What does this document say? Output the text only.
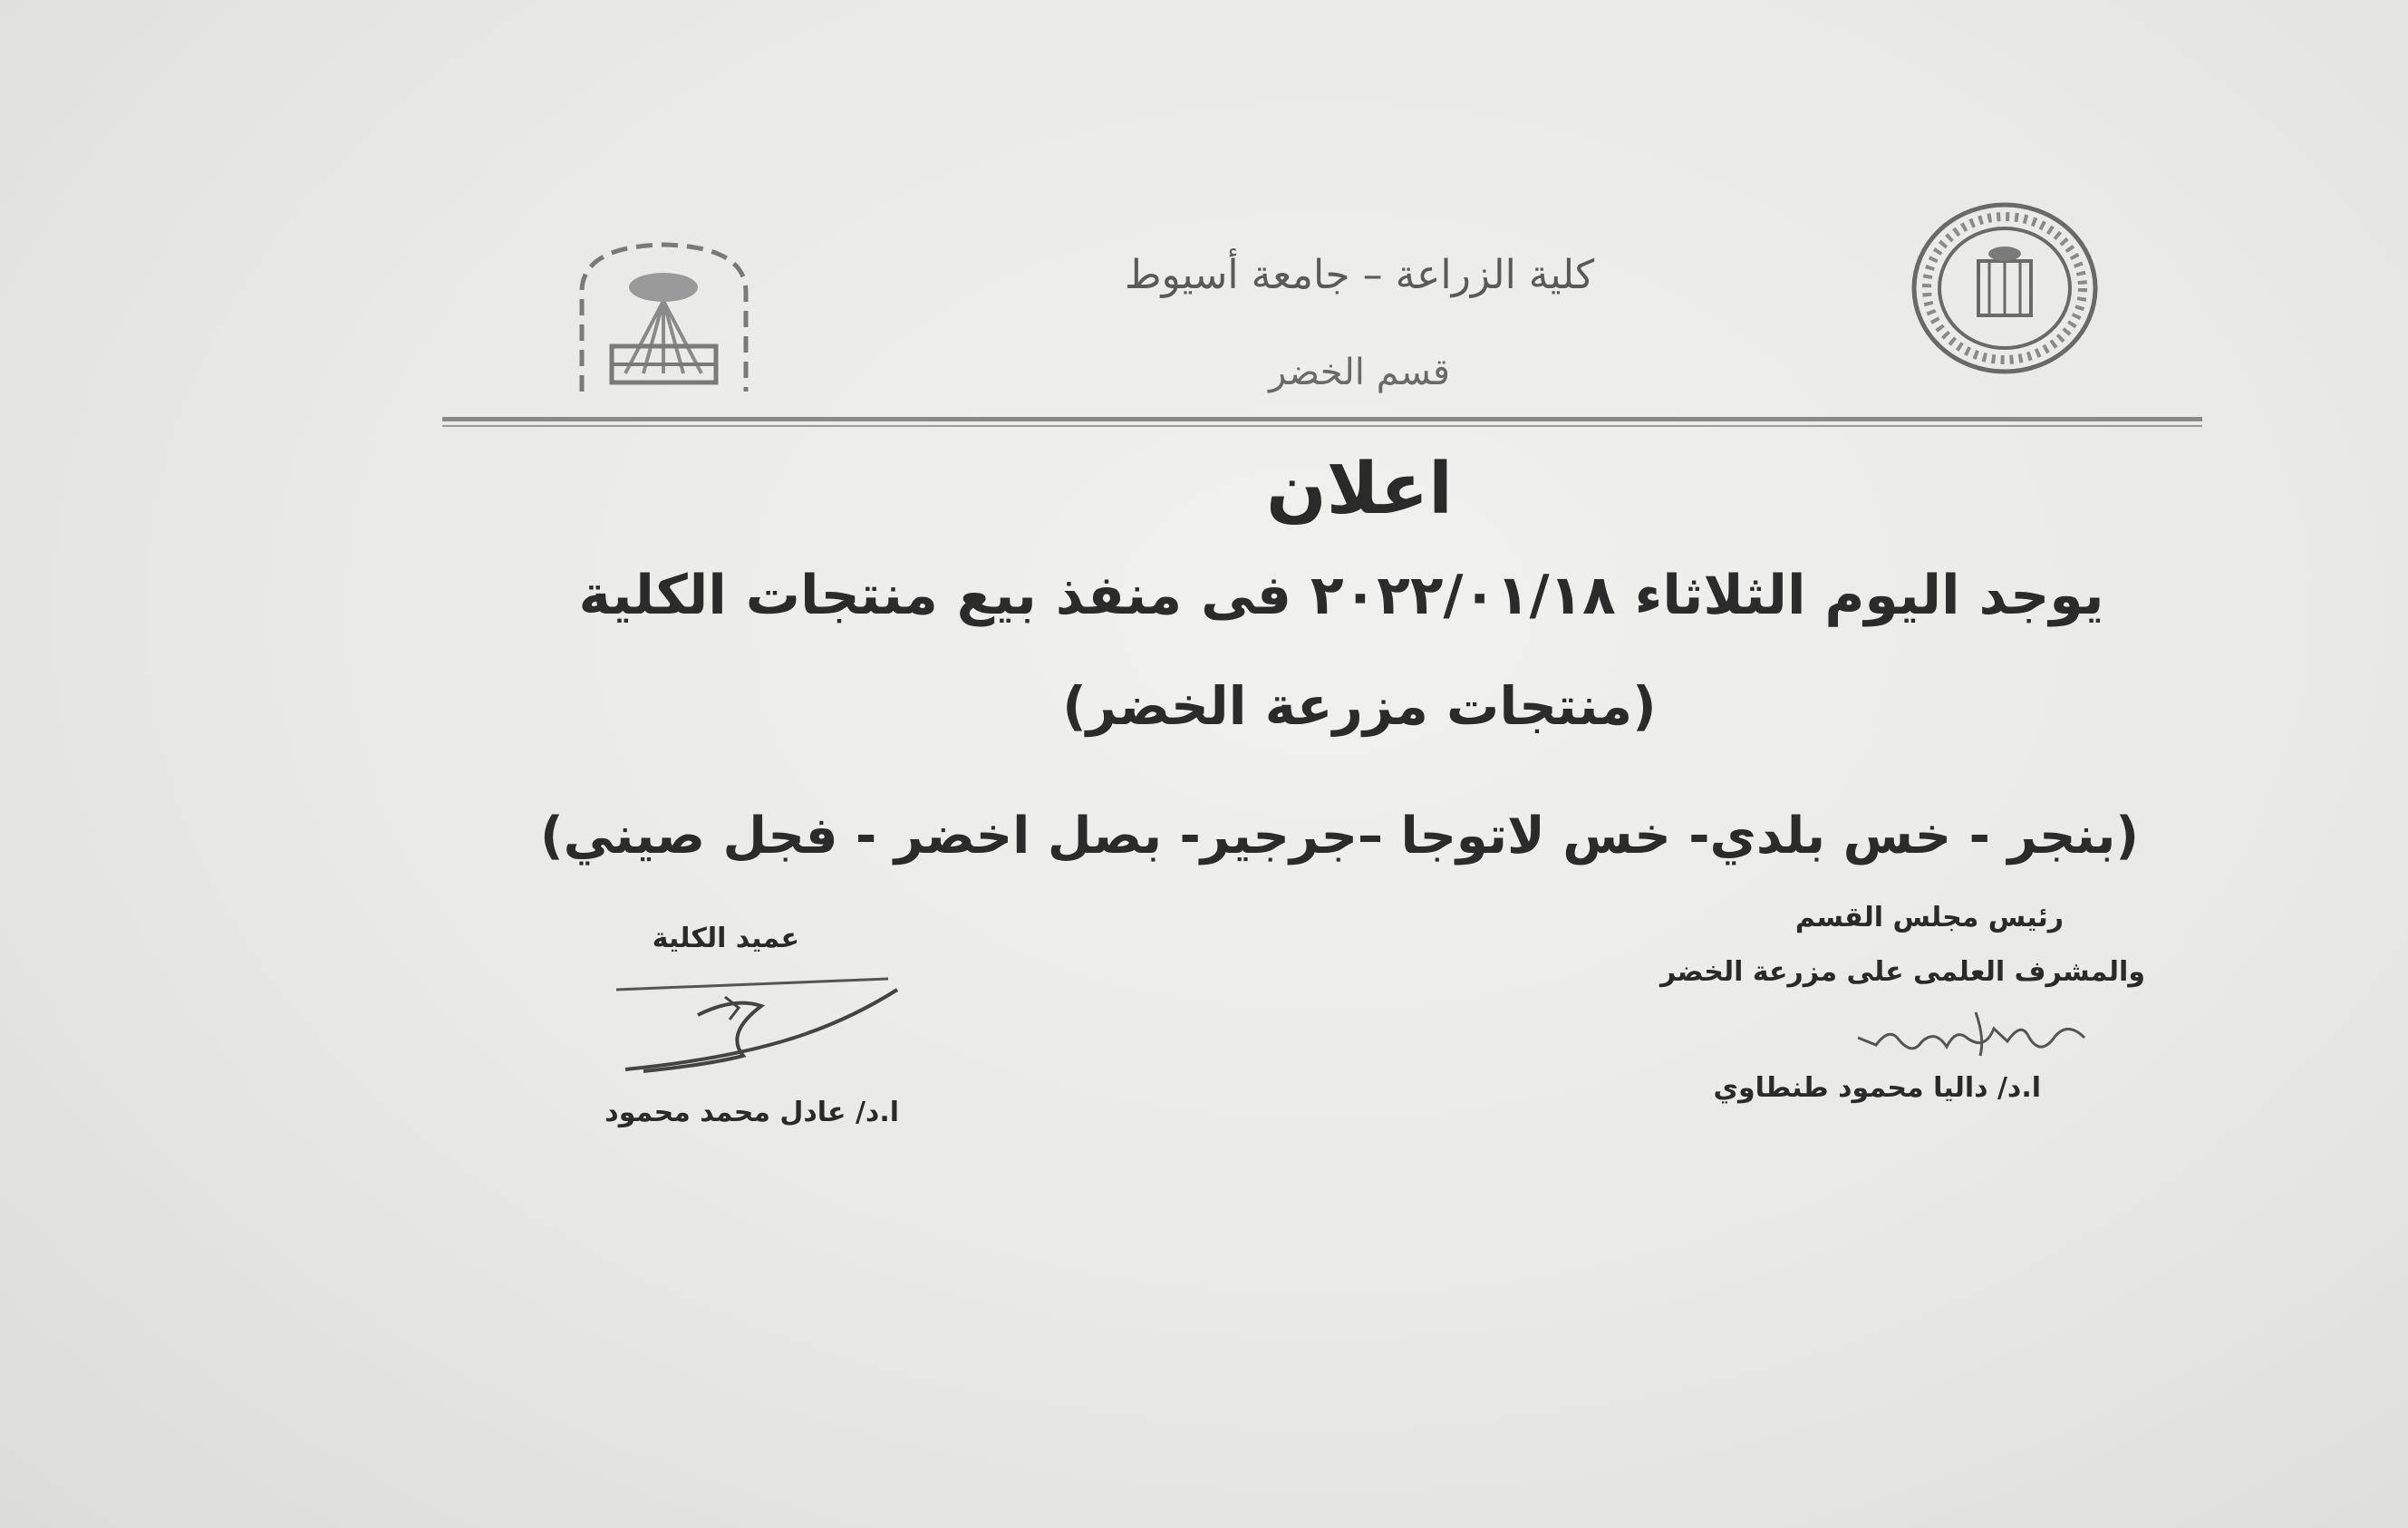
كلية الزراعة – جامعة أسيوط
قسم الخضر
اعلان
يوجد اليوم الثلاثاء ٢٠٢٢/٠١/١٨ فى منفذ بيع منتجات الكلية
(منتجات مزرعة الخضر)
(بنجر - خس بلدي- خس لاتوجا –جرجير- بصل اخضر - فجل صيني)
رئيس مجلس القسم
والمشرف العلمى على مزرعة الخضر
ا.د/ داليا محمود طنطاوي
عميد الكلية
ا.د/ عادل محمد محمود
